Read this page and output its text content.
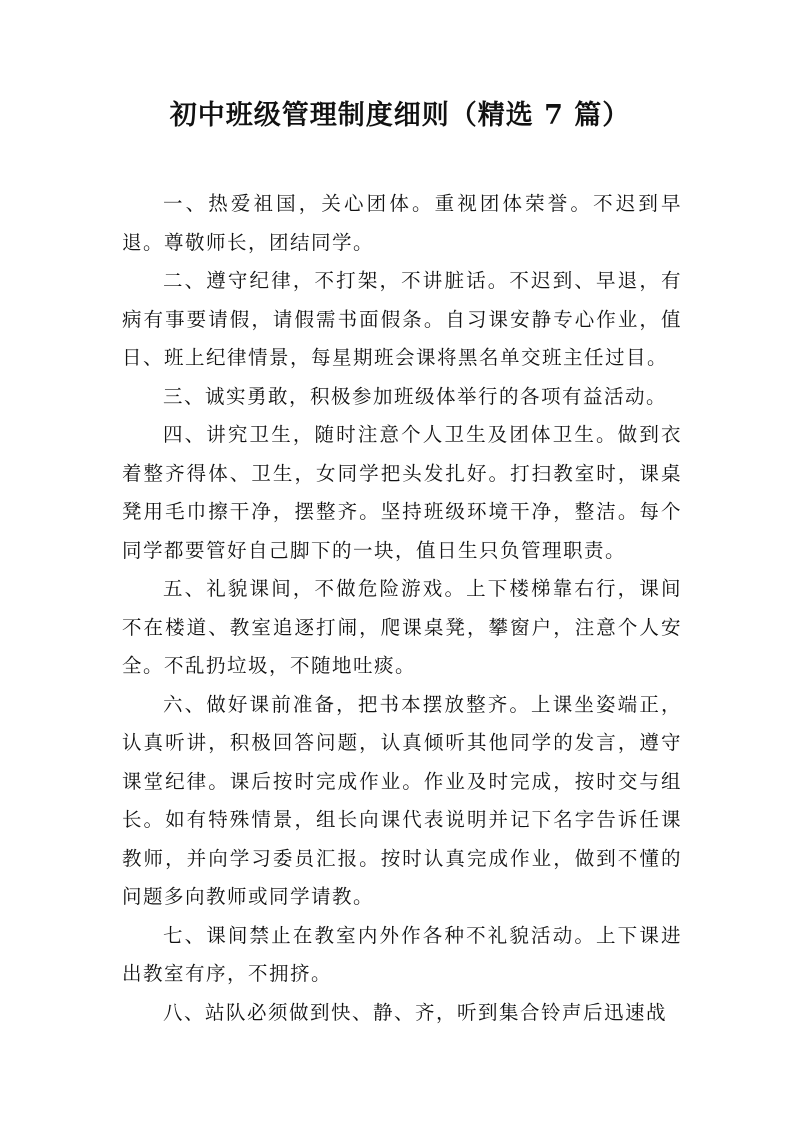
初中班级管理制度细则（精选 7 篇）

一、热爱祖国，关心团体。重视团体荣誉。不迟到早退。尊敬师长，团结同学。

二、遵守纪律，不打架，不讲脏话。不迟到、早退，有病有事要请假，请假需书面假条。自习课安静专心作业，值日、班上纪律情景，每星期班会课将黑名单交班主任过目。

三、诚实勇敢，积极参加班级体举行的各项有益活动。

四、讲究卫生，随时注意个人卫生及团体卫生。做到衣着整齐得体、卫生，女同学把头发扎好。打扫教室时，课桌凳用毛巾擦干净，摆整齐。坚持班级环境干净，整洁。每个同学都要管好自己脚下的一块，值日生只负管理职责。

五、礼貌课间，不做危险游戏。上下楼梯靠右行，课间不在楼道、教室追逐打闹，爬课桌凳，攀窗户，注意个人安全。不乱扔垃圾，不随地吐痰。

六、做好课前准备，把书本摆放整齐。上课坐姿端正，认真听讲，积极回答问题，认真倾听其他同学的发言，遵守课堂纪律。课后按时完成作业。作业及时完成，按时交与组长。如有特殊情景，组长向课代表说明并记下名字告诉任课教师，并向学习委员汇报。按时认真完成作业，做到不懂的问题多向教师或同学请教。

七、课间禁止在教室内外作各种不礼貌活动。上下课进出教室有序，不拥挤。

八、站队必须做到快、静、齐，听到集合铃声后迅速战
